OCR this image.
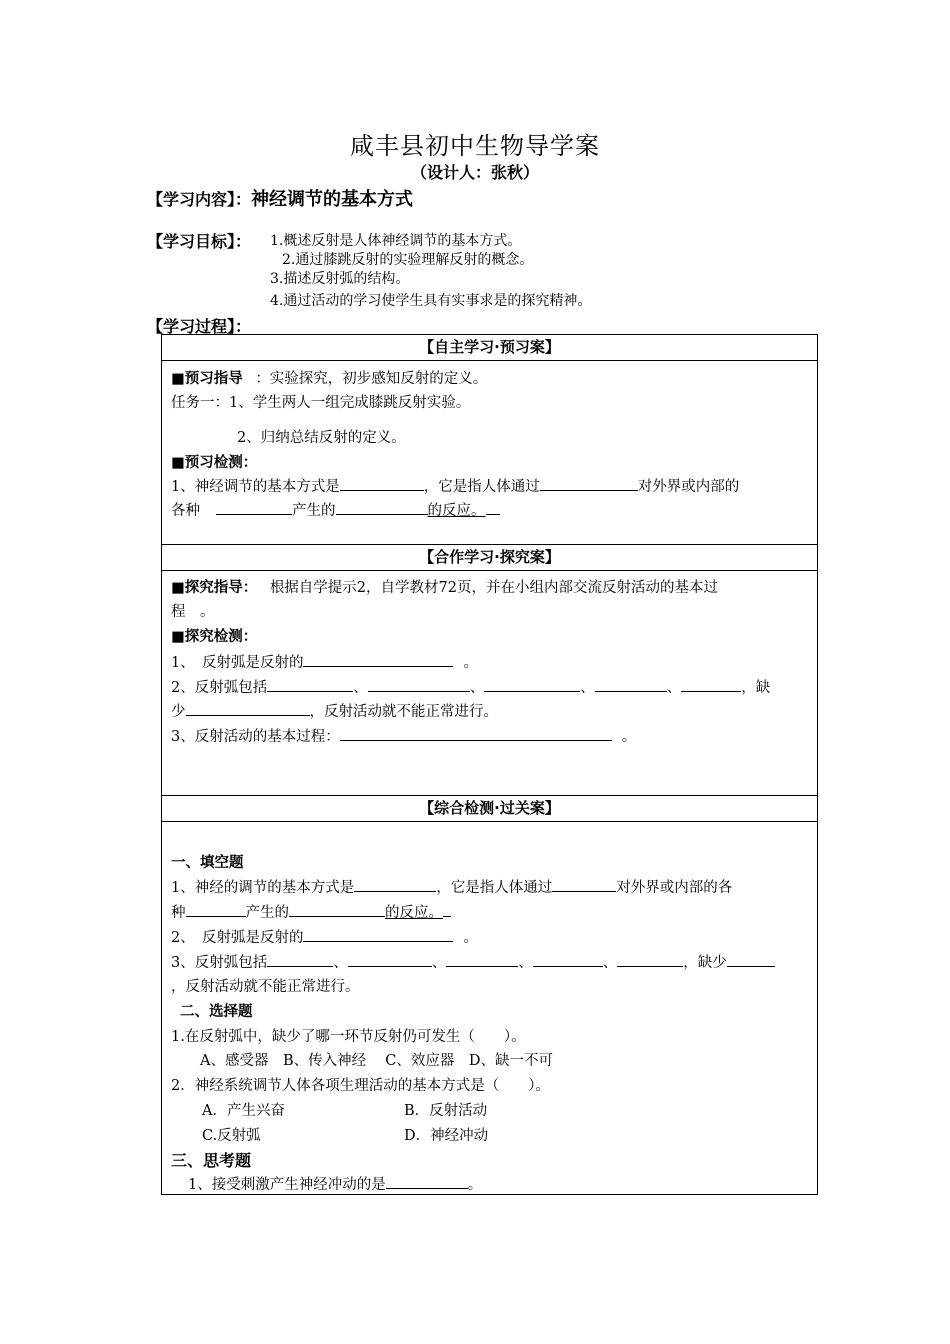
咸丰县初中生物导学案
（设计人：张秋）
【学习内容】：神经调节的基本方式
【学习目标】： 1.概述反射是人体神经调节的基本方式。
2.通过膝跳反射的实验理解反射的概念。
3.描述反射弧的结构。
4.通过活动的学习使学生具有实事求是的探究精神。
【学习过程】：
【自主学习·预习案】
■预习指导 ：实验探究，初步感知反射的定义。
任务一：1、学生两人一组完成膝跳反射实验。
2、归纳总结反射的定义。
■预习检测：
1、神经调节的基本方式是	，它是指人体通过	对外界或内部的
各种	产生的	的反应。
【合作学习·探究案】
■探究指导： 根据自学提示2，自学教材72页，并在小组内部交流反射活动的基本过
程　。
■探究检测：
1、　反射弧是反射的	。
2、反射弧包括	、	、	、	、	，缺
少	，反射活动就不能正常进行。
3、反射活动的基本过程：	。
【综合检测·过关案】
一、填空题
1、神经的调节的基本方式是	，它是指人体通过	对外界或内部的各
种	产生的	的反应。
2、　反射弧是反射的	。
3、反射弧包括	、	、	、	、	，缺少
，反射活动就不能正常进行。
二、选择题
1.在反射弧中，缺少了哪一环节反射仍可发生（　　）。
A、感受器　B、传入神经　 C、效应器　D、缺一不可
2．神经系统调节人体各项生理活动的基本方式是（　　）。
A．产生兴奋	B．反射活动
C.反射弧	D．神经冲动
三、思考题
1、接受刺激产生神经冲动的是	。
